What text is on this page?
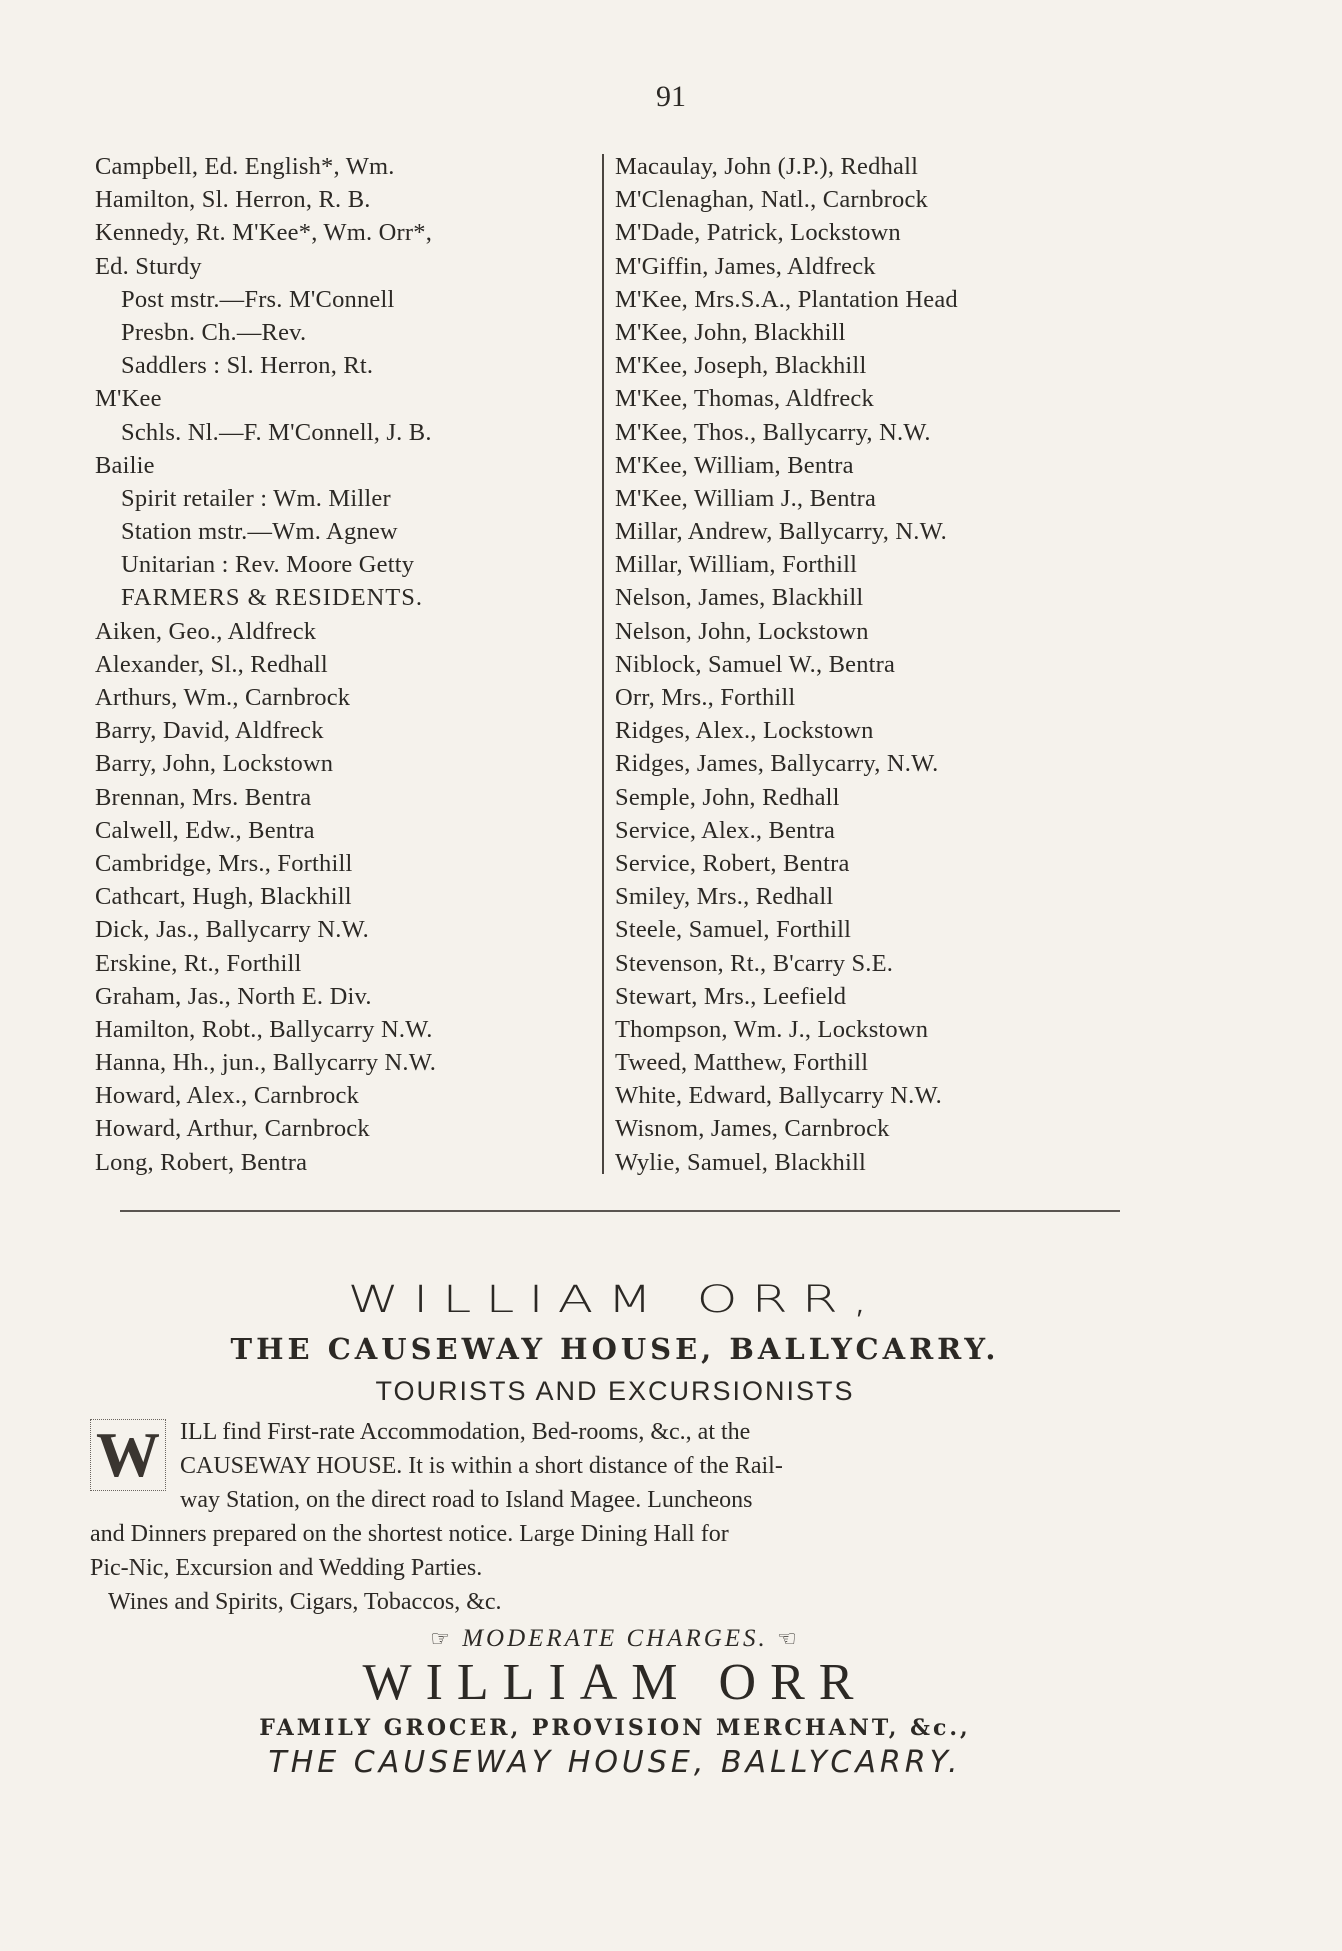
91
Campbell, Ed. English*, Wm.
Hamilton, Sl. Herron, R. B.
Kennedy, Rt. M'Kee*, Wm. Orr*,
Ed. Sturdy
Post mstr.—Frs. M'Connell
Presbn. Ch.—Rev.
Saddlers : Sl. Herron, Rt.
M'Kee
Schls. Nl.—F. M'Connell, J. B.
Bailie
Spirit retailer : Wm. Miller
Station mstr.—Wm. Agnew
Unitarian : Rev. Moore Getty
FARMERS & RESIDENTS.
Aiken, Geo., Aldfreck
Alexander, Sl., Redhall
Arthurs, Wm., Carnbrock
Barry, David, Aldfreck
Barry, John, Lockstown
Brennan, Mrs. Bentra
Calwell, Edw., Bentra
Cambridge, Mrs., Forthill
Cathcart, Hugh, Blackhill
Dick, Jas., Ballycarry N.W.
Erskine, Rt., Forthill
Graham, Jas., North E. Div.
Hamilton, Robt., Ballycarry N.W.
Hanna, Hh., jun., Ballycarry N.W.
Howard, Alex., Carnbrock
Howard, Arthur, Carnbrock
Long, Robert, Bentra
Macaulay, John (J.P.), Redhall
M'Clenaghan, Natl., Carnbrock
M'Dade, Patrick, Lockstown
M'Giffin, James, Aldfreck
M'Kee, Mrs.S.A., Plantation Head
M'Kee, John, Blackhill
M'Kee, Joseph, Blackhill
M'Kee, Thomas, Aldfreck
M'Kee, Thos., Ballycarry, N.W.
M'Kee, William, Bentra
M'Kee, William J., Bentra
Millar, Andrew, Ballycarry, N.W.
Millar, William, Forthill
Nelson, James, Blackhill
Nelson, John, Lockstown
Niblock, Samuel W., Bentra
Orr, Mrs., Forthill
Ridges, Alex., Lockstown
Ridges, James, Ballycarry, N.W.
Semple, John, Redhall
Service, Alex., Bentra
Service, Robert, Bentra
Smiley, Mrs., Redhall
Steele, Samuel, Forthill
Stevenson, Rt., B'carry S.E.
Stewart, Mrs., Leefield
Thompson, Wm. J., Lockstown
Tweed, Matthew, Forthill
White, Edward, Ballycarry N.W.
Wisnom, James, Carnbrock
Wylie, Samuel, Blackhill
WILLIAM ORR,
THE CAUSEWAY HOUSE, BALLYCARRY.
TOURISTS AND EXCURSIONISTS
W ILL find First-rate Accommodation, Bed-rooms, &c., at the
CAUSEWAY HOUSE. It is within a short distance of the Rail-
way Station, on the direct road to Island Magee. Luncheons
and Dinners prepared on the shortest notice. Large Dining Hall for
Pic-Nic, Excursion and Wedding Parties.
Wines and Spirits, Cigars, Tobaccos, &c.
☞ MODERATE CHARGES. ☜
WILLIAM ORR
FAMILY GROCER, PROVISION MERCHANT, &c.,
THE CAUSEWAY HOUSE, BALLYCARRY.
